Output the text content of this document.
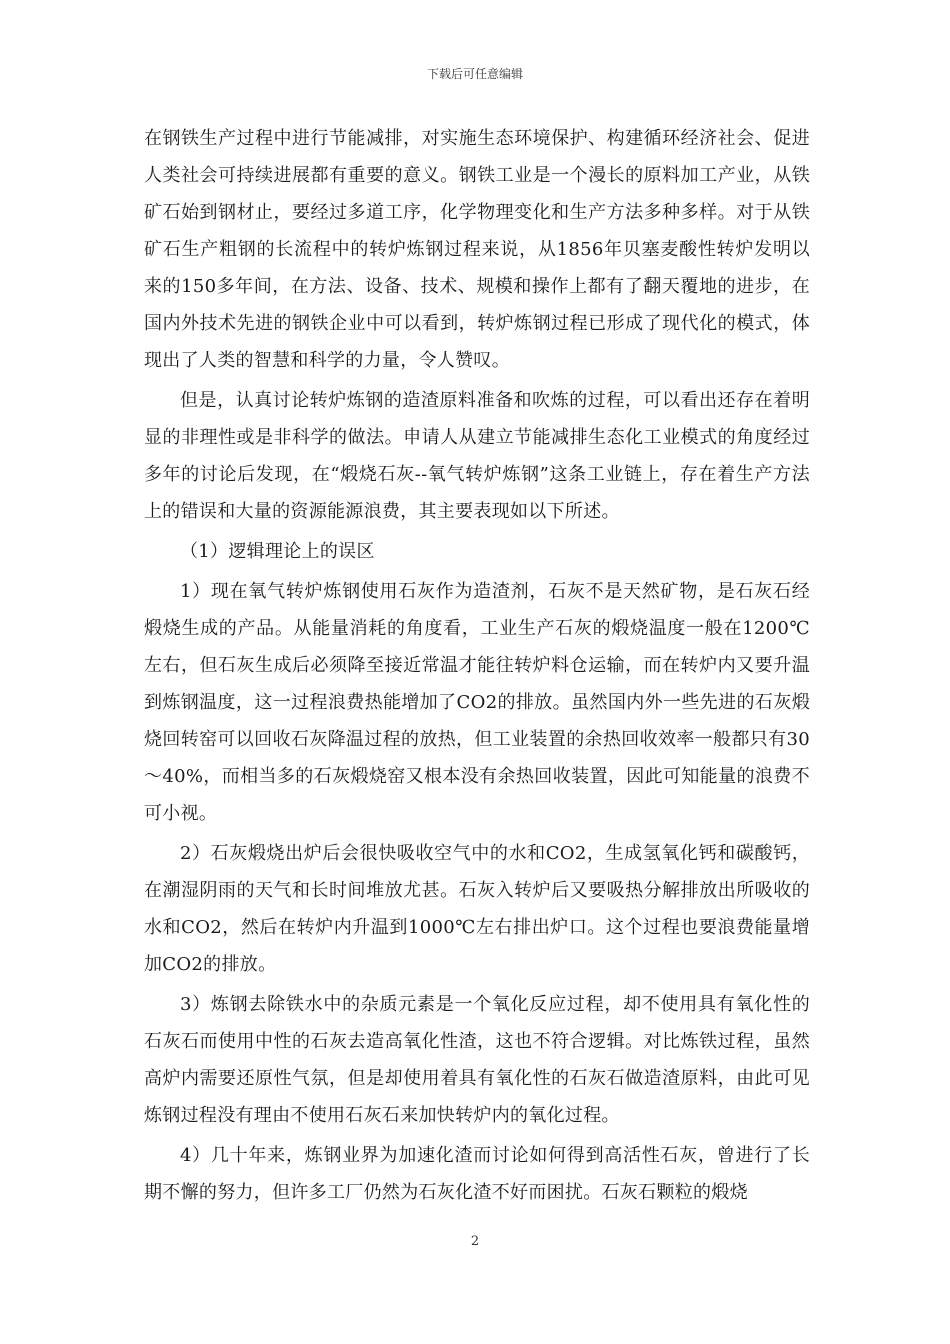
下载后可任意编辑

在钢铁生产过程中进行节能减排，对实施生态环境保护、构建循环经济社会、促进人类社会可持续进展都有重要的意义。钢铁工业是一个漫长的原料加工产业，从铁矿石始到钢材止，要经过多道工序，化学物理变化和生产方法多种多样。对于从铁矿石生产粗钢的长流程中的转炉炼钢过程来说，从1856年贝塞麦酸性转炉发明以来的150多年间，在方法、设备、技术、规模和操作上都有了翻天覆地的进步，在国内外技术先进的钢铁企业中可以看到，转炉炼钢过程已形成了现代化的模式，体现出了人类的智慧和科学的力量，令人赞叹。

但是，认真讨论转炉炼钢的造渣原料准备和吹炼的过程，可以看出还存在着明显的非理性或是非科学的做法。申请人从建立节能减排生态化工业模式的角度经过多年的讨论后发现，在“煅烧石灰--氧气转炉炼钢”这条工业链上，存在着生产方法上的错误和大量的资源能源浪费，其主要表现如以下所述。

（1）逻辑理论上的误区

1）现在氧气转炉炼钢使用石灰作为造渣剂，石灰不是天然矿物，是石灰石经煅烧生成的产品。从能量消耗的角度看，工业生产石灰的煅烧温度一般在1200℃左右，但石灰生成后必须降至接近常温才能往转炉料仓运输，而在转炉内又要升温到炼钢温度，这一过程浪费热能增加了CO2的排放。虽然国内外一些先进的石灰煅烧回转窑可以回收石灰降温过程的放热，但工业装置的余热回收效率一般都只有30～40%，而相当多的石灰煅烧窑又根本没有余热回收装置，因此可知能量的浪费不可小视。

2）石灰煅烧出炉后会很快吸收空气中的水和CO2，生成氢氧化钙和碳酸钙，在潮湿阴雨的天气和长时间堆放尤甚。石灰入转炉后又要吸热分解排放出所吸收的水和CO2，然后在转炉内升温到1000℃左右排出炉口。这个过程也要浪费能量增加CO2的排放。

3）炼钢去除铁水中的杂质元素是一个氧化反应过程，却不使用具有氧化性的石灰石而使用中性的石灰去造高氧化性渣，这也不符合逻辑。对比炼铁过程，虽然高炉内需要还原性气氛，但是却使用着具有氧化性的石灰石做造渣原料，由此可见炼钢过程没有理由不使用石灰石来加快转炉内的氧化过程。

4）几十年来，炼钢业界为加速化渣而讨论如何得到高活性石灰，曾进行了长期不懈的努力，但许多工厂仍然为石灰化渣不好而困扰。石灰石颗粒的煅烧

2
